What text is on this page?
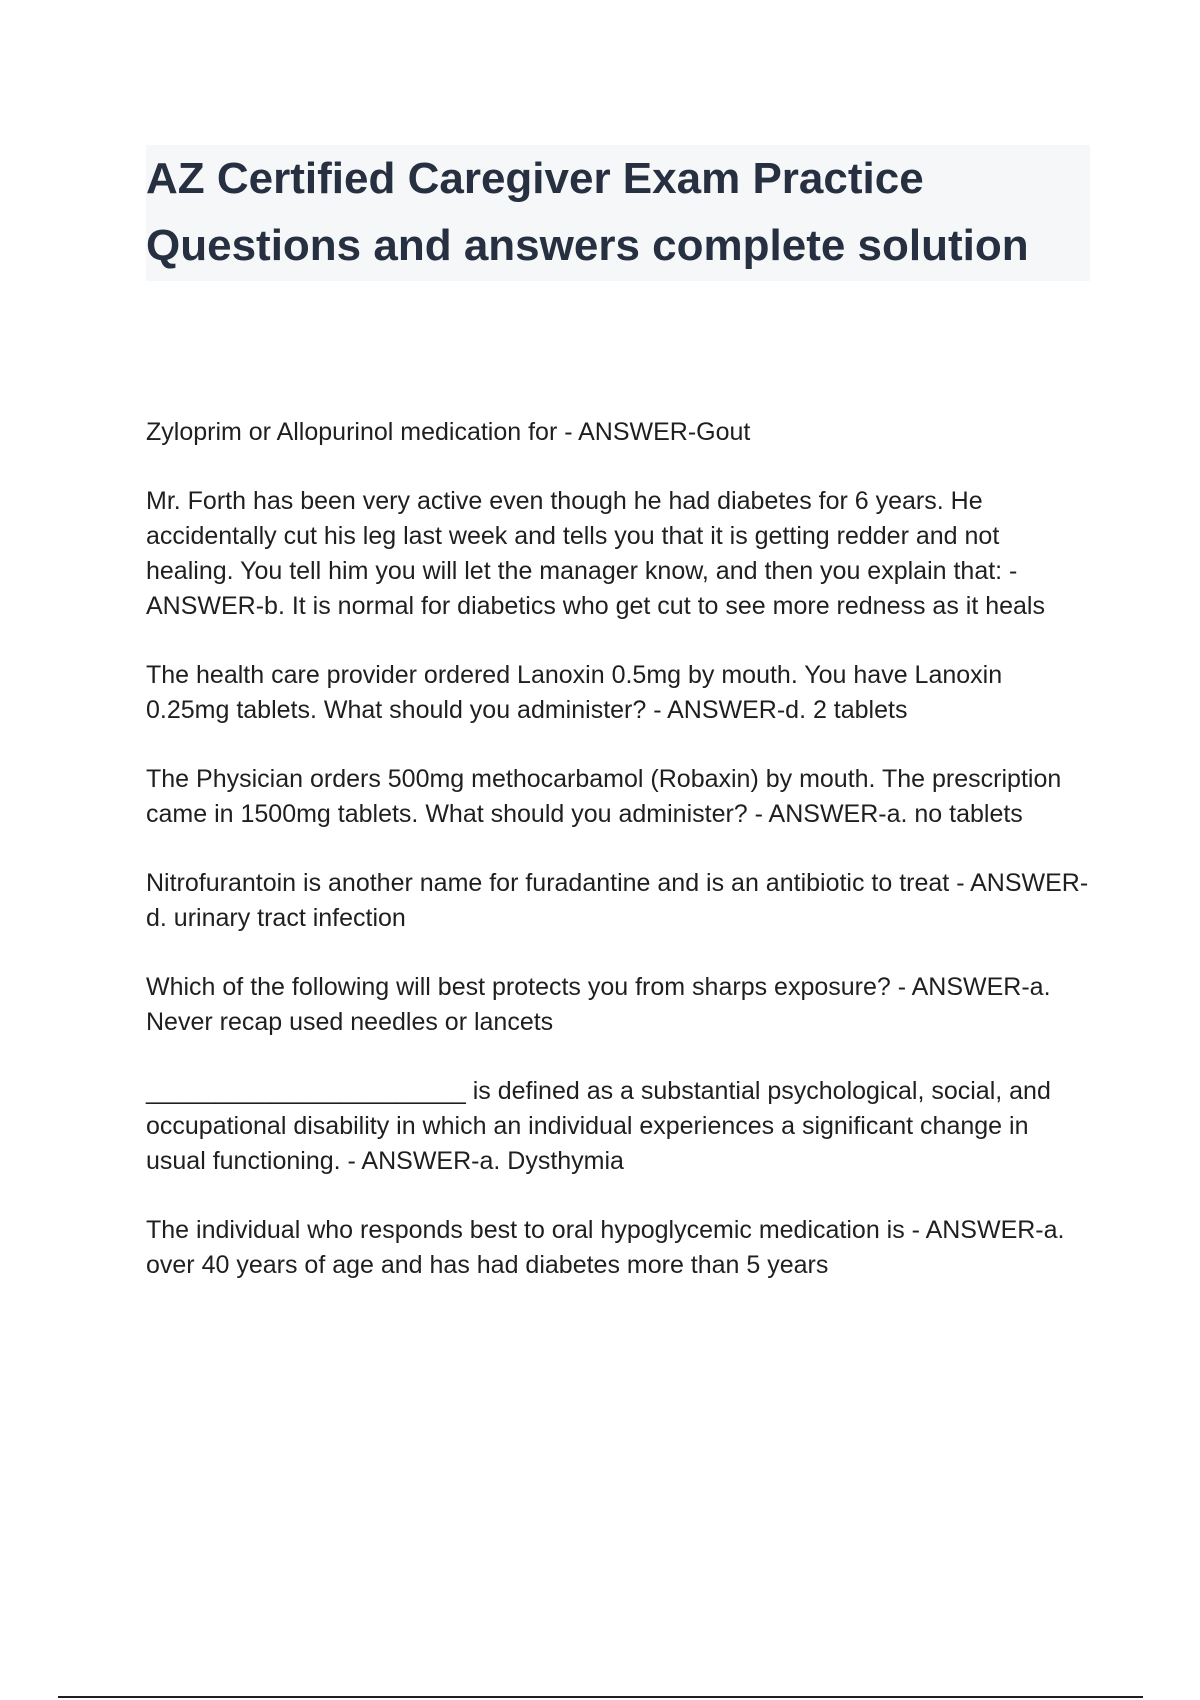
AZ Certified Caregiver Exam Practice Questions and answers complete solution

Zyloprim or Allopurinol medication for - ANSWER-Gout

Mr. Forth has been very active even though he had diabetes for 6 years. He accidentally cut his leg last week and tells you that it is getting redder and not healing. You tell him you will let the manager know, and then you explain that: - ANSWER-b. It is normal for diabetics who get cut to see more redness as it heals

The health care provider ordered Lanoxin 0.5mg by mouth. You have Lanoxin 0.25mg tablets. What should you administer? - ANSWER-d. 2 tablets

The Physician orders 500mg methocarbamol (Robaxin) by mouth. The prescription came in 1500mg tablets. What should you administer? - ANSWER-a. no tablets

Nitrofurantoin is another name for furadantine and is an antibiotic to treat - ANSWER-d. urinary tract infection

Which of the following will best protects you from sharps exposure? - ANSWER-a. Never recap used needles or lancets

_______________________ is defined as a substantial psychological, social, and occupational disability in which an individual experiences a significant change in usual functioning. - ANSWER-a. Dysthymia

The individual who responds best to oral hypoglycemic medication is - ANSWER-a. over 40 years of age and has had diabetes more than 5 years
